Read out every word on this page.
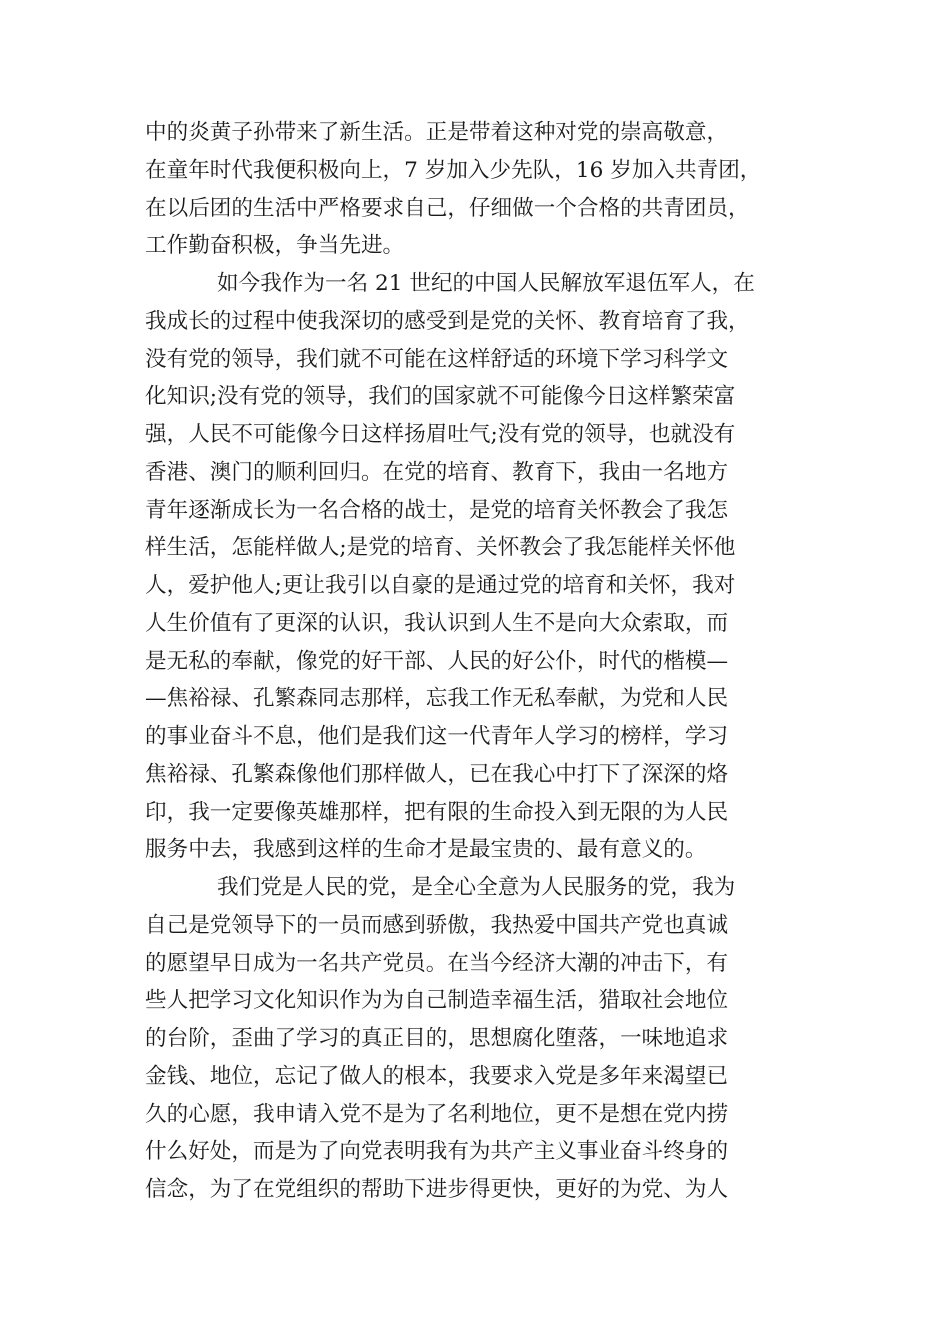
中的炎黄子孙带来了新生活。正是带着这种对党的崇高敬意，
在童年时代我便积极向上，7 岁加入少先队，16 岁加入共青团，
在以后团的生活中严格要求自己，仔细做一个合格的共青团员，
工作勤奋积极，争当先进。
如今我作为一名 21 世纪的中国人民解放军退伍军人，在
我成长的过程中使我深切的感受到是党的关怀、教育培育了我，
没有党的领导，我们就不可能在这样舒适的环境下学习科学文
化知识;没有党的领导，我们的国家就不可能像今日这样繁荣富
强，人民不可能像今日这样扬眉吐气;没有党的领导，也就没有
香港、澳门的顺利回归。在党的培育、教育下，我由一名地方
青年逐渐成长为一名合格的战士，是党的培育关怀教会了我怎
样生活，怎能样做人;是党的培育、关怀教会了我怎能样关怀他
人，爱护他人;更让我引以自豪的是通过党的培育和关怀，我对
人生价值有了更深的认识，我认识到人生不是向大众索取，而
是无私的奉献，像党的好干部、人民的好公仆，时代的楷模—
—焦裕禄、孔繁森同志那样，忘我工作无私奉献，为党和人民
的事业奋斗不息，他们是我们这一代青年人学习的榜样，学习
焦裕禄、孔繁森像他们那样做人，已在我心中打下了深深的烙
印，我一定要像英雄那样，把有限的生命投入到无限的为人民
服务中去，我感到这样的生命才是最宝贵的、最有意义的。
我们党是人民的党，是全心全意为人民服务的党，我为
自己是党领导下的一员而感到骄傲，我热爱中国共产党也真诚
的愿望早日成为一名共产党员。在当今经济大潮的冲击下，有
些人把学习文化知识作为为自己制造幸福生活，猎取社会地位
的台阶，歪曲了学习的真正目的，思想腐化堕落，一味地追求
金钱、地位，忘记了做人的根本，我要求入党是多年来渴望已
久的心愿，我申请入党不是为了名利地位，更不是想在党内捞
什么好处，而是为了向党表明我有为共产主义事业奋斗终身的
信念，为了在党组织的帮助下进步得更快，更好的为党、为人
